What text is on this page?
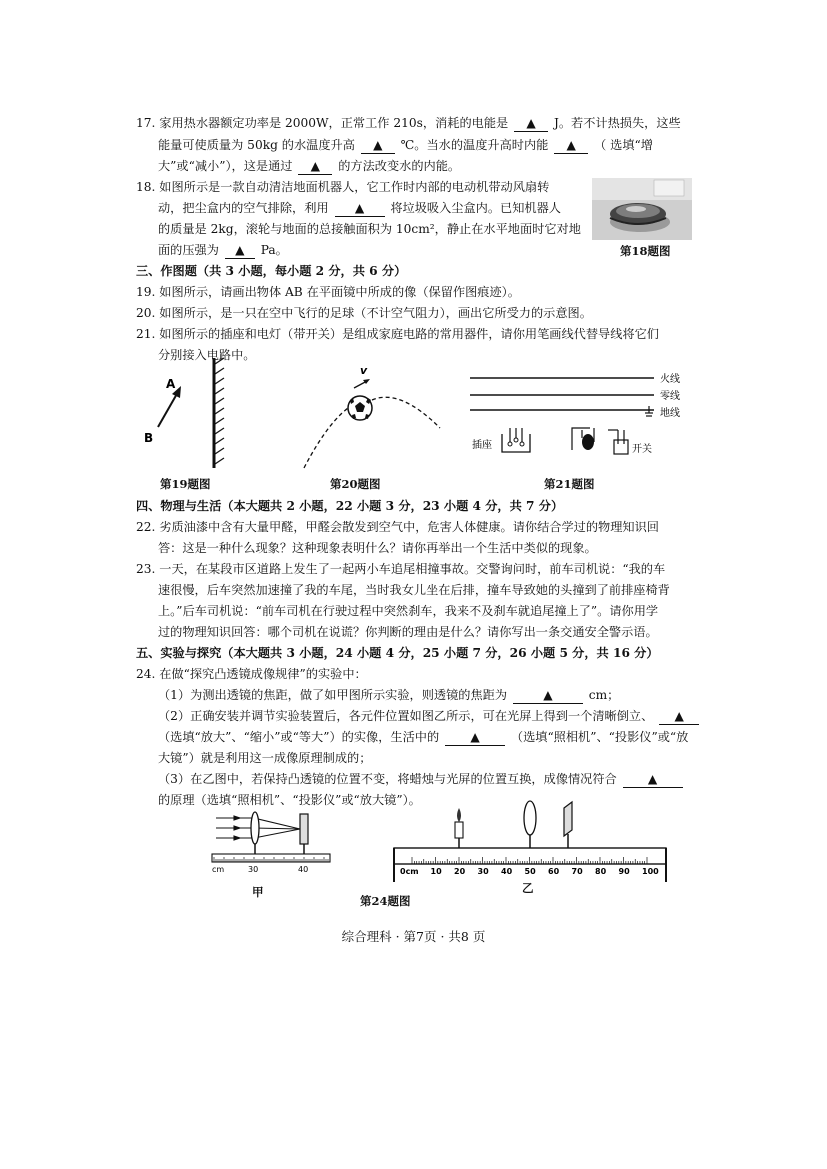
17. 家用热水器额定功率是 2000W，正常工作 210s，消耗的电能是 ▲ J。若不计热损失，这些
能量可使质量为 50kg 的水温度升高 ▲ ℃。当水的温度升高时内能 ▲ （ 选填“增
大”或“减小”），这是通过 ▲ 的方法改变水的内能。
18. 如图所示是一款自动清洁地面机器人，它工作时内部的电动机带动风扇转
动，把尘盒内的空气排除，利用 ▲ 将垃圾吸入尘盒内。已知机器人
的质量是 2kg，滚轮与地面的总接触面积为 10cm²，静止在水平地面时它对地
面的压强为 ▲ Pa。	第18题图
三、作图题（共 3 小题，每小题 2 分，共 6 分）
19. 如图所示，请画出物体 AB 在平面镜中所成的像（保留作图痕迹）。
20. 如图所示，是一只在空中飞行的足球（不计空气阻力），画出它所受力的示意图。
21. 如图所示的插座和电灯（带开关）是组成家庭电路的常用器件，请你用笔画线代替导线将它们
分别接入电路中。
A
B
第19题图
v
第20题图
火线
零线
地线
插座	开关
第21题图
四、物理与生活（本大题共 2 小题，22 小题 3 分，23 小题 4 分，共 7 分）
22. 劣质油漆中含有大量甲醛，甲醛会散发到空气中，危害人体健康。请你结合学过的物理知识回
答：这是一种什么现象？这种现象表明什么？请你再举出一个生活中类似的现象。
23. 一天，在某段市区道路上发生了一起两小车追尾相撞事故。交警询问时，前车司机说：“我的车
速很慢，后车突然加速撞了我的车尾，当时我女儿坐在后排，撞车导致她的头撞到了前排座椅背
上。”后车司机说：“前车司机在行驶过程中突然刹车，我来不及刹车就追尾撞上了”。请你用学
过的物理知识回答：哪个司机在说谎？你判断的理由是什么？请你写出一条交通安全警示语。
五、实验与探究（本大题共 3 小题，24 小题 4 分，25 小题 7 分，26 小题 5 分，共 16 分）
24. 在做“探究凸透镜成像规律”的实验中：
（1）为测出透镜的焦距，做了如甲图所示实验，则透镜的焦距为	▲	cm；
（2）正确安装并调节实验装置后，各元件位置如图乙所示，可在光屏上得到一个清晰倒立、 ▲
（选填“放大”、“缩小”或“等大”）的实像，生活中的	▲	（选填“照相机”、“投影仪”或“放
大镜”）就是利用这一成像原理制成的；
（3）在乙图中，若保持凸透镜的位置不变，将蜡烛与光屏的位置互换，成像情况符合	▲
的原理（选填“照相机”、“投影仪”或“放大镜”）。
cm	30	40
甲
0cm 10 20 30 40 50 60 70 80 90 100
第24题图
乙
综合理科 · 第7页 · 共8 页
